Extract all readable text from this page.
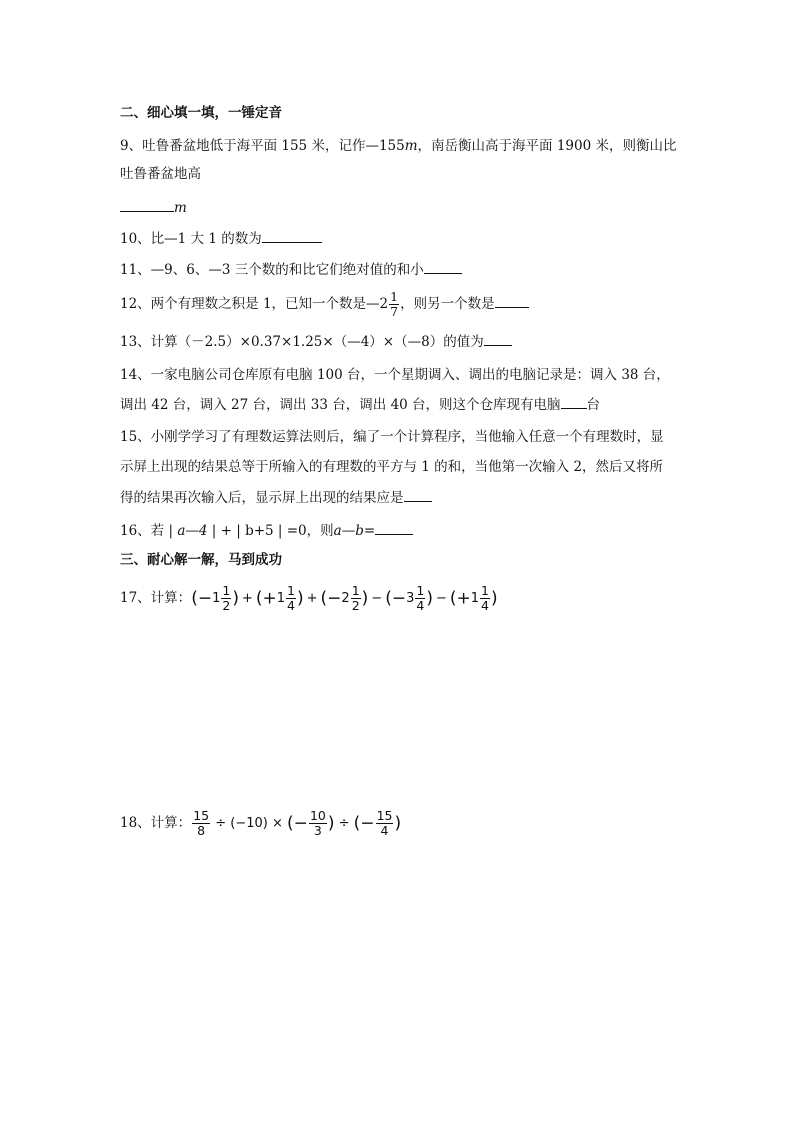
二、细心填一填，一锤定音
9、吐鲁番盆地低于海平面 155 米，记作—155m，南岳衡山高于海平面 1900 米，则衡山比
吐鲁番盆地高
m
10、比—1 大 1 的数为
11、—9、6、—3 三个数的和比它们绝对值的和小
12、两个有理数之积是 1，已知一个数是—2 $\frac{1}{7}$ ，则另一个数是
13、计算（－2.5）×0.37×1.25×（—4）×（—8）的值为
14、一家电脑公司仓库原有电脑 100 台，一个星期调入、调出的电脑记录是：调入 38 台，
调出 42 台，调入 27 台，调出 33 台，调出 40 台，则这个仓库现有电脑 台
15、小刚学学习了有理数运算法则后，编了一个计算程序，当他输入任意一个有理数时，显
示屏上出现的结果总等于所输入的有理数的平方与 1 的和，当他第一次输入 2，然后又将所
得的结果再次输入后，显示屏上出现的结果应是
16、若 | a—4 | + | b+5 | =0，则a—b=
三、耐心解一解，马到成功
17、计算：($-1 \frac{1}{2}$ ) + ($+1 \frac{1}{4}$ ) + ($-2 \frac{1}{2}$ ) − ($-3 \frac{1}{4}$ ) − ($+1 \frac{1}{4}$ )
18、计算： $\frac{15}{8} \div (-10)$ × (− $\frac{10}{3}$ ) ÷ (− $\frac{15}{4}$ )
